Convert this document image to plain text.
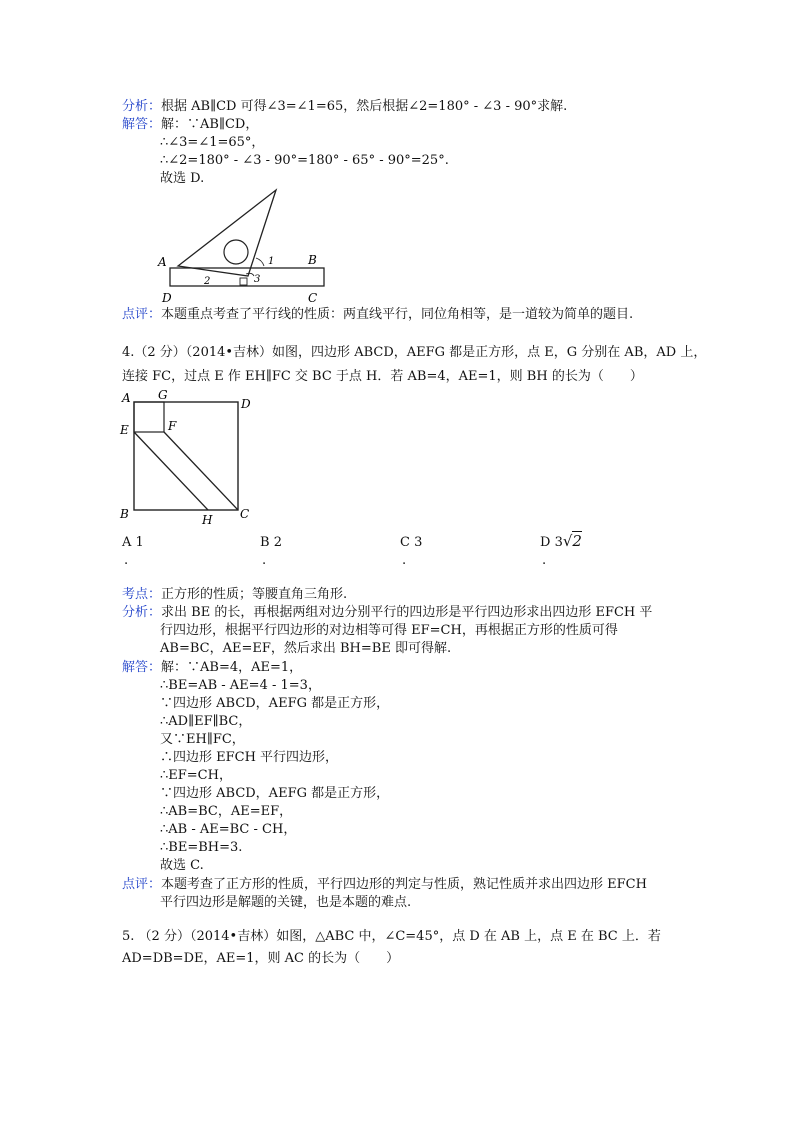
分析：根据 AB∥CD 可得∠3=∠1=65，然后根据∠2=180° - ∠3 - 90°求解.
解答：解：∵AB∥CD，
∴∠3=∠1=65°，
∴∠2=180° - ∠3 - 90°=180° - 65° - 90°=25°.
故选 D.
A	B
D	C
1
2	3
点评：本题重点考查了平行线的性质：两直线平行，同位角相等，是一道较为简单的题目.
4.（2 分）（2014•吉林）如图，四边形 ABCD，AEFG 都是正方形，点 E，G 分别在 AB，AD 上，
连接 FC，过点 E 作 EH∥FC 交 BC 于点 H．若 AB=4，AE=1，则 BH 的长为（　　）
A G
D
E	F
B	H C
A 1	B 2	C 3	D 3√2
.	.	.	.
考点：正方形的性质；等腰直角三角形.
分析：求出 BE 的长，再根据两组对边分别平行的四边形是平行四边形求出四边形 EFCH 平
行四边形，根据平行四边形的对边相等可得 EF=CH，再根据正方形的性质可得
AB=BC，AE=EF，然后求出 BH=BE 即可得解.
解答：解：∵AB=4，AE=1，
∴BE=AB - AE=4 - 1=3，
∵四边形 ABCD，AEFG 都是正方形，
∴AD∥EF∥BC，
又∵EH∥FC，
∴四边形 EFCH 平行四边形，
∴EF=CH，
∵四边形 ABCD，AEFG 都是正方形，
∴AB=BC，AE=EF，
∴AB - AE=BC - CH，
∴BE=BH=3.
故选 C.
点评：本题考查了正方形的性质，平行四边形的判定与性质，熟记性质并求出四边形 EFCH
平行四边形是解题的关键，也是本题的难点.
5. （2 分）（2014•吉林）如图，△ABC 中，∠C=45°，点 D 在 AB 上，点 E 在 BC 上．若
AD=DB=DE，AE=1，则 AC 的长为（　　）
